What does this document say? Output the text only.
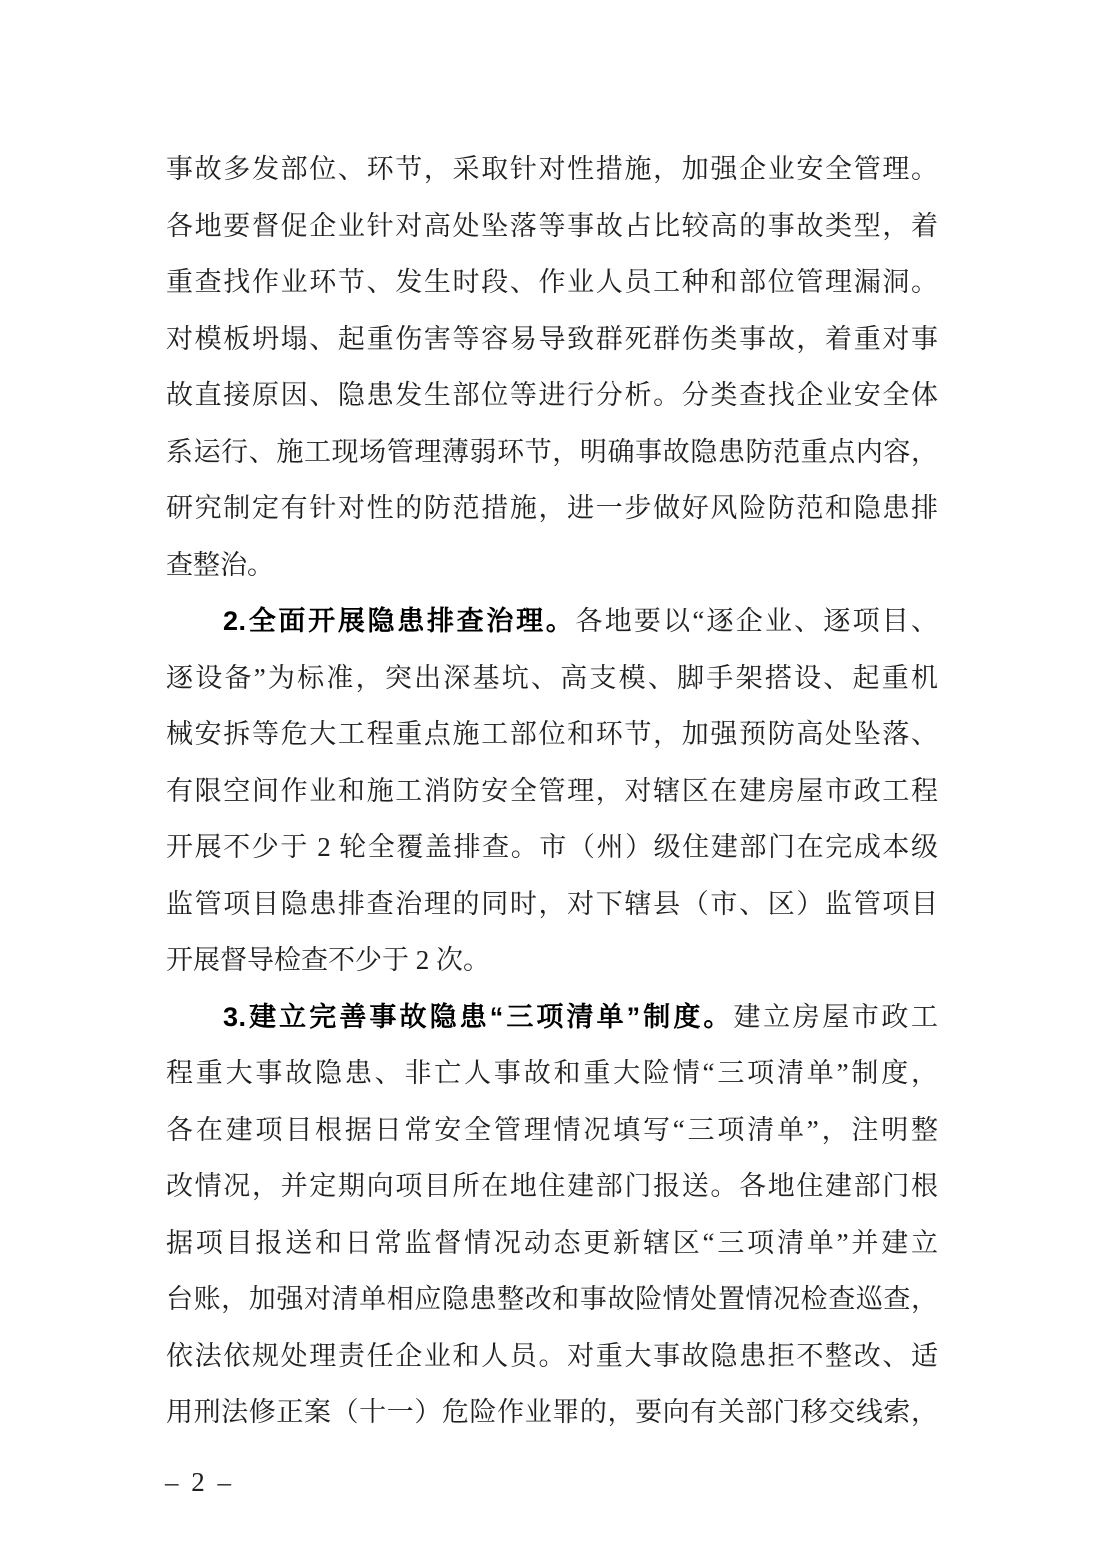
事故多发部位、环节，采取针对性措施，加强企业安全管理。
各地要督促企业针对高处坠落等事故占比较高的事故类型，着
重查找作业环节、发生时段、作业人员工种和部位管理漏洞。
对模板坍塌、起重伤害等容易导致群死群伤类事故，着重对事
故直接原因、隐患发生部位等进行分析。分类查找企业安全体
系运行、施工现场管理薄弱环节，明确事故隐患防范重点内容，
研究制定有针对性的防范措施，进一步做好风险防范和隐患排
查整治。
2.全面开展隐患排查治理。各地要以“逐企业、逐项目、
逐设备”为标准，突出深基坑、高支模、脚手架搭设、起重机
械安拆等危大工程重点施工部位和环节，加强预防高处坠落、
有限空间作业和施工消防安全管理，对辖区在建房屋市政工程
开展不少于 2 轮全覆盖排查。市（州）级住建部门在完成本级
监管项目隐患排查治理的同时，对下辖县（市、区）监管项目
开展督导检查不少于 2 次。
3.建立完善事故隐患“三项清单”制度。建立房屋市政工
程重大事故隐患、非亡人事故和重大险情“三项清单”制度，
各在建项目根据日常安全管理情况填写“三项清单”，注明整
改情况，并定期向项目所在地住建部门报送。各地住建部门根
据项目报送和日常监督情况动态更新辖区“三项清单”并建立
台账，加强对清单相应隐患整改和事故险情处置情况检查巡查，
依法依规处理责任企业和人员。对重大事故隐患拒不整改、适
用刑法修正案（十一）危险作业罪的，要向有关部门移交线索，
– 2 –
